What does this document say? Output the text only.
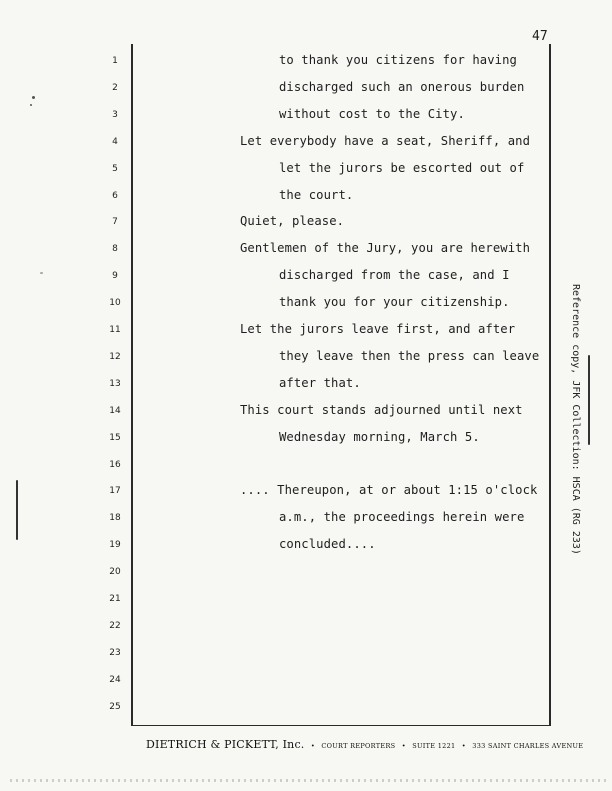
47
1
2
3
4
5
6
7
8
9
10
11
12
13
14
15
16
17
18
19
20
21
22
23
24
25
to thank you citizens for having
discharged such an onerous burden
without cost to the City.
Let everybody have a seat, Sheriff, and
let the jurors be escorted out of
the court.
Quiet, please.
Gentlemen of the Jury, you are herewith
discharged from the case, and I
thank you for your citizenship.
Let the jurors leave first, and after
they leave then the press can leave
after that.
This court stands adjourned until next
Wednesday morning, March 5.
.... Thereupon, at or about 1:15 o'clock
a.m., the proceedings herein were
concluded....
DIETRICH & PICKETT, Inc. • COURT REPORTERS • SUITE 1221 • 333 SAINT CHARLES AVENUE
Reference copy, JFK Collection: HSCA (RG 233)
